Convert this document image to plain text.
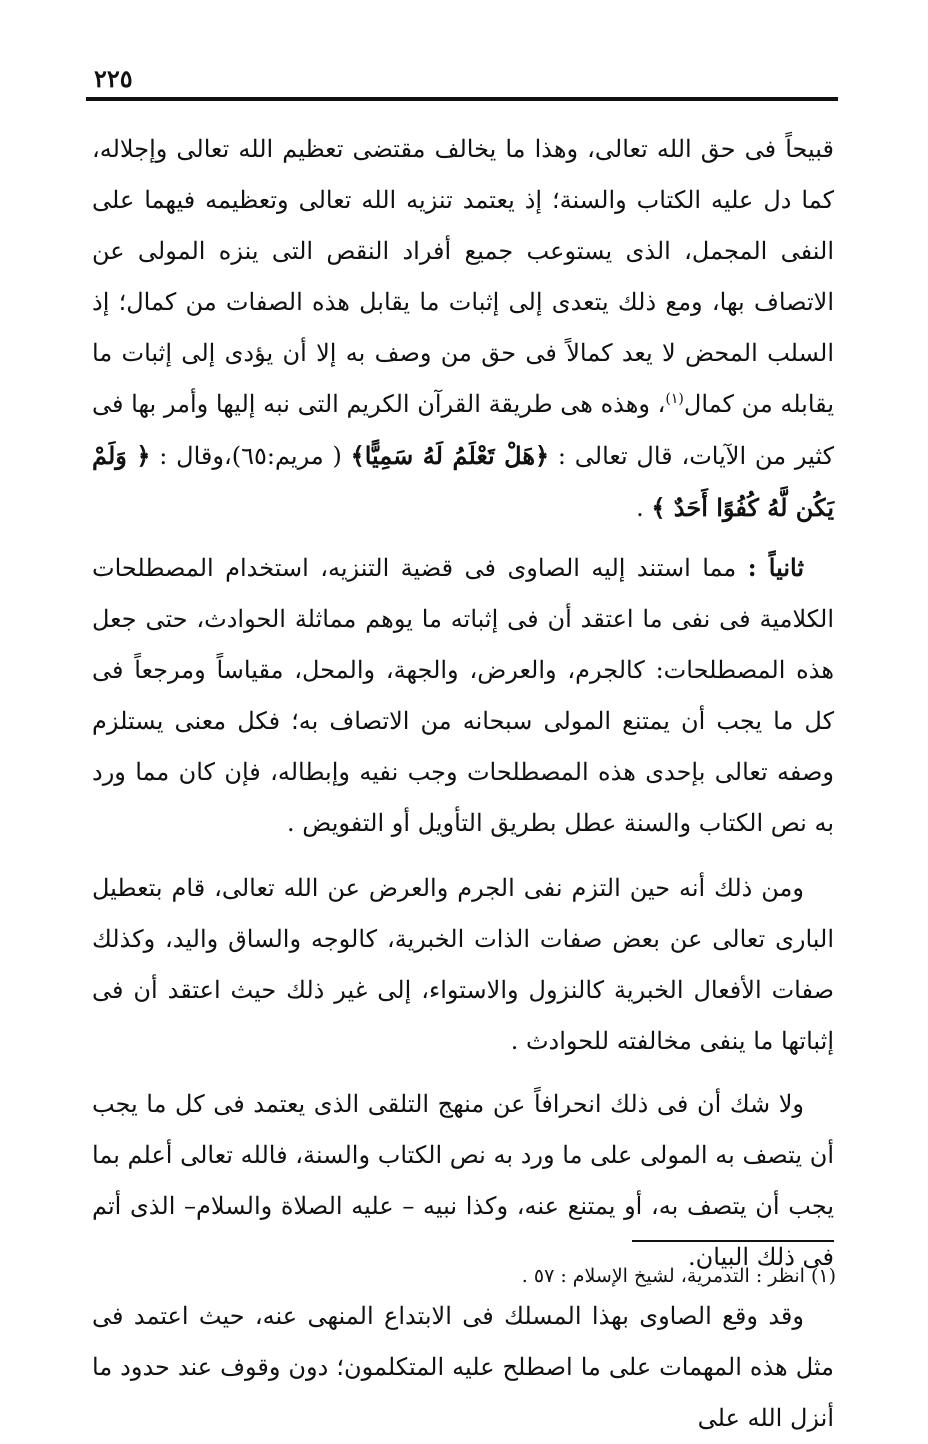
٢٢٥

قبيحاً فى حق الله تعالى، وهذا ما يخالف مقتضى تعظيم الله تعالى وإجلاله، كما دل عليه الكتاب والسنة؛ إذ يعتمد تنزيه الله تعالى وتعظيمه فيهما على النفى المجمل، الذى يستوعب جميع أفراد النقص التى ينزه المولى عن الاتصاف بها، ومع ذلك يتعدى إلى إثبات ما يقابل هذه الصفات من كمال؛ إذ السلب المحض لا يعد كمالاً فى حق من وصف به إلا أن يؤدى إلى إثبات ما يقابله من كمال$^{(١)}$، وهذه هى طريقة القرآن الكريم التى نبه إليها وأمر بها فى كثير من الآيات، قال تعالى : ﴿هَلْ تَعْلَمُ لَهُ سَمِيًّا﴾ ( مريم:٦٥)،وقال : ﴿ وَلَمْ يَكُن لَّهُ كُفُوًا أَحَدٌ ﴾ .

ثانياً : مما استند إليه الصاوى فى قضية التنزيه، استخدام المصطلحات الكلامية فى نفى ما اعتقد أن فى إثباته ما يوهم مماثلة الحوادث، حتى جعل هذه المصطلحات: كالجرم، والعرض، والجهة، والمحل، مقياساً ومرجعاً فى كل ما يجب أن يمتنع المولى سبحانه من الاتصاف به؛ فكل معنى يستلزم وصفه تعالى بإحدى هذه المصطلحات وجب نفيه وإبطاله، فإن كان مما ورد به نص الكتاب والسنة عطل بطريق التأويل أو التفويض .

ومن ذلك أنه حين التزم نفى الجرم والعرض عن الله تعالى، قام بتعطيل البارى تعالى عن بعض صفات الذات الخبرية، كالوجه والساق واليد، وكذلك صفات الأفعال الخبرية كالنزول والاستواء، إلى غير ذلك حيث اعتقد أن فى إثباتها ما ينفى مخالفته للحوادث .

ولا شك أن فى ذلك انحرافاً عن منهج التلقى الذى يعتمد فى كل ما يجب أن يتصف به المولى على ما ورد به نص الكتاب والسنة، فالله تعالى أعلم بما يجب أن يتصف به، أو يمتنع عنه، وكذا نبيه – عليه الصلاة والسلام– الذى أتم فى ذلك البيان.

وقد وقع الصاوى بهذا المسلك فى الابتداع المنهى عنه، حيث اعتمد فى مثل هذه المهمات على ما اصطلح عليه المتكلمون؛ دون وقوف عند حدود ما أنزل الله على

(١) انظر : التدمرية، لشيخ الإسلام : ٥٧ .
